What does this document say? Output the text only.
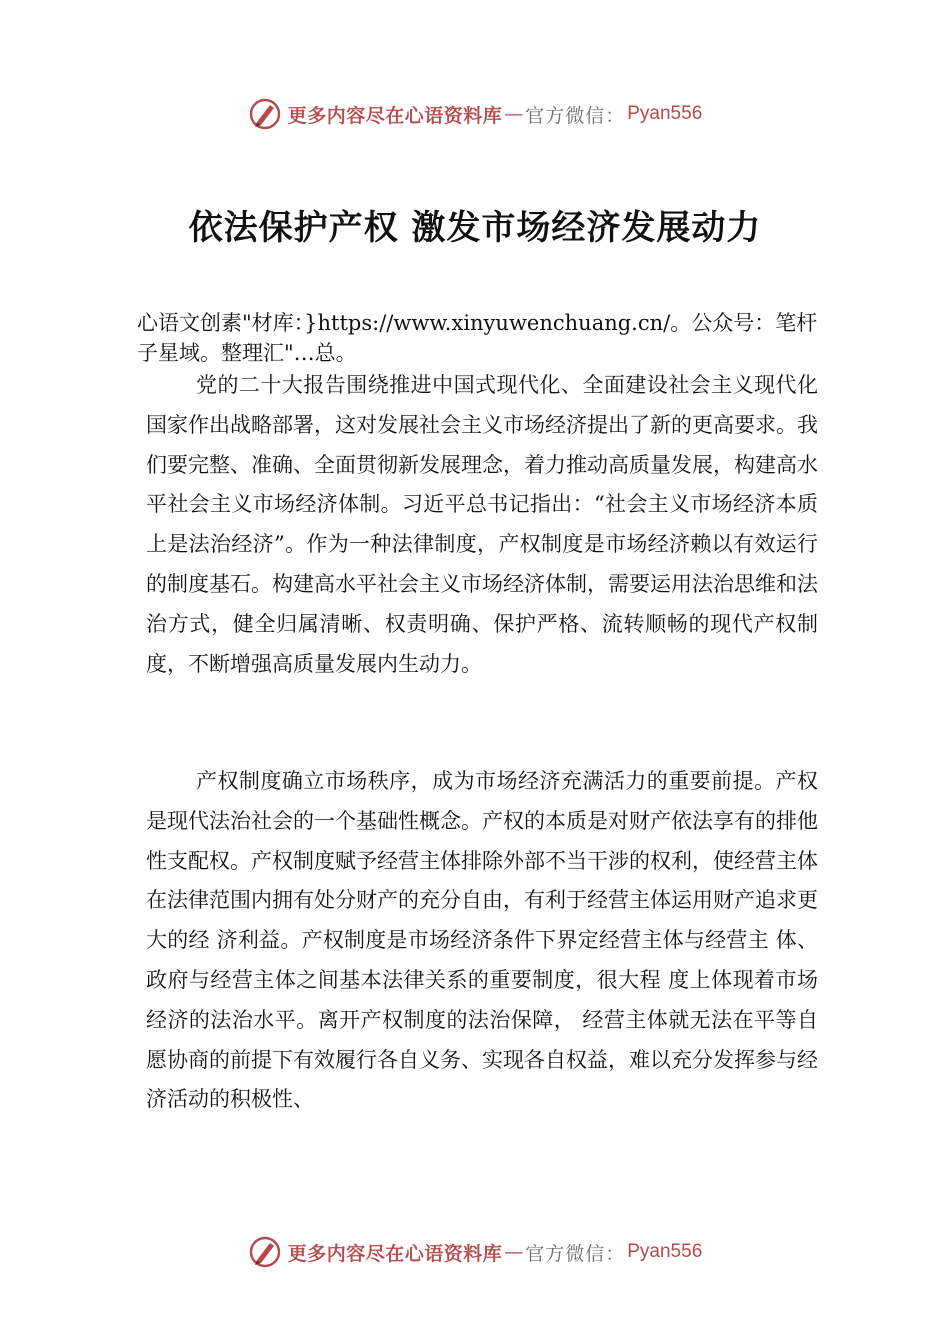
更多内容尽在心语资料库 — 官方微信： Pyan556
依法保护产权 激发市场经济发展动力

心语文创素"材库：}https://www.xinyuwenchuang.cn/。公众号：笔杆子星域。整理汇"…总。

党的二十大报告围绕推进中国式现代化、全面建设社会主义现代化国家作出战略部署，这对发展社会主义市场经济提出了新的更高要求。我们要完整、准确、全面贯彻新发展理念，着力推动高质量发展，构建高水平社会主义市场经济体制。习近平总书记指出：“社会主义市场经济本质上是法治经济”。作为一种法律制度，产权制度是市场经济赖以有效运行的制度基石。构建高水平社会主义市场经济体制，需要运用法治思维和法治方式，健全归属清晰、权责明确、保护严格、流转顺畅的现代产权制度，不断增强高质量发展内生动力。

产权制度确立市场秩序，成为市场经济充满活力的重要前提。产权是现代法治社会的一个基础性概念。产权的本质是对财产依法享有的排他性支配权。产权制度赋予经营主体排除外部不当干涉的权利，使经营主体在法律范围内拥有处分财产的充分自由，有利于经营主体运用财产追求更大的经 济利益。产权制度是市场经济条件下界定经营主体与经营主 体、政府与经营主体之间基本法律关系的重要制度，很大程 度上体现着市场经济的法治水平。离开产权制度的法治保障， 经营主体就无法在平等自愿协商的前提下有效履行各自义务、实现各自权益，难以充分发挥参与经济活动的积极性、

更多内容尽在心语资料库 — 官方微信： Pyan556
